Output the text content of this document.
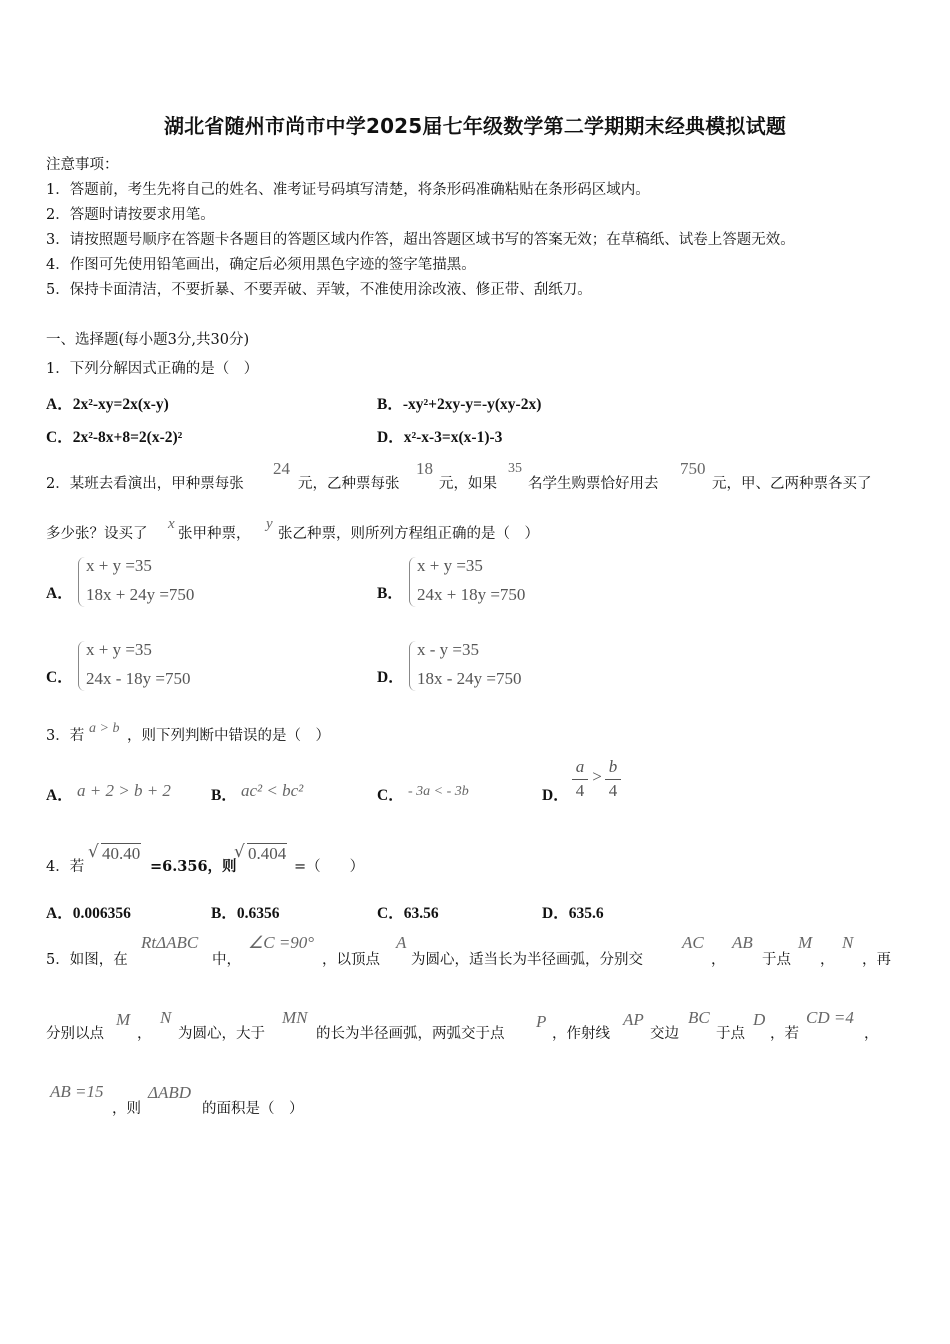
湖北省随州市尚市中学2025届七年级数学第二学期期末经典模拟试题
注意事项：
1．答题前，考生先将自己的姓名、准考证号码填写清楚，将条形码准确粘贴在条形码区域内。
2．答题时请按要求用笔。
3．请按照题号顺序在答题卡各题目的答题区域内作答，超出答题区域书写的答案无效；在草稿纸、试卷上答题无效。
4．作图可先使用铅笔画出，确定后必须用黑色字迹的签字笔描黑。
5．保持卡面清洁，不要折暴、不要弄破、弄皱，不准使用涂改液、修正带、刮纸刀。
一、选择题(每小题3分,共30分)
1．下列分解因式正确的是（　）
A．2x²-xy=2x(x-y)	B．-xy²+2xy-y=-y(xy-2x)
C．2x²-8x+8=2(x-2)²	D．x²-x-3=x(x-1)-3
2．某班去看演出，甲种票每张
24
元，乙种票每张
18
元，如果
35
名学生购票恰好用去
750
元，甲、乙两种票各买了
多少张？设买了
x
张甲种票，
y
张乙种票，则所列方程组正确的是（　）
A．
x + y =35
18x + 24y =750	B．
x + y =35
24x + 18y =750
C．
x + y =35
24x - 18y =750	D．
x - y =35
18x - 24y =750
3．若 a > b ，则下列判断中错误的是（　）
A． a + 2 > b + 2	B． ac² < bc²	C． - 3a < - 3b	D．
a
4
>
b
4
4．若
√ 40.40
=6.356，则
√ 0.404
=（　　）
A．0.006356	B．0.6356	C．63.56	D．635.6
5．如图，在
RtΔABC
中，
∠C =90°
，以顶点
A
为圆心，适当长为半径画弧，分别交
AC
，
AB
于点
M
，
N
，再
分别以点
M
，
N
为圆心，大于
MN
的长为半径画弧，两弧交于点
P
，作射线
AP
交边
BC
于点
D
，若
CD =4
，
AB =15
，则
ΔABD
的面积是（　）
